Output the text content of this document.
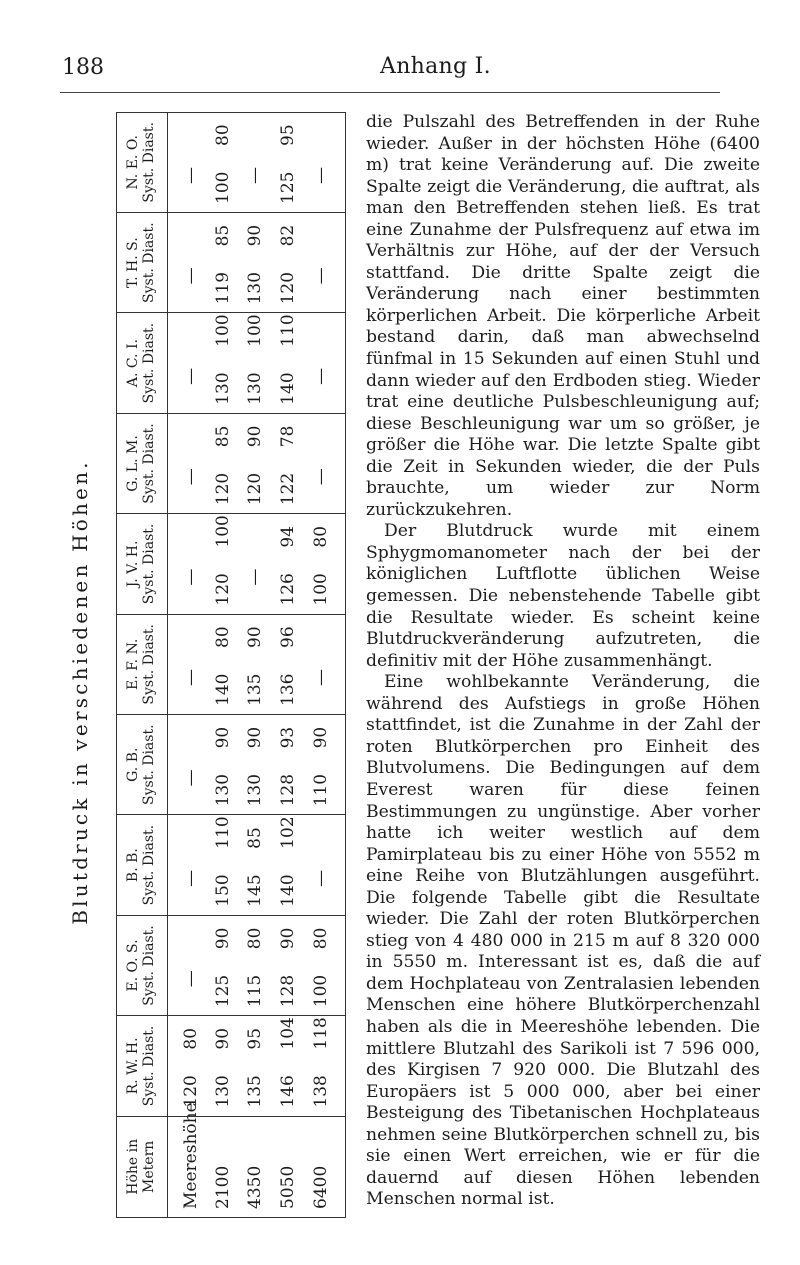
188	Anhang I.
Blutdruck in verschiedenen Höhen.
Höhe in Metern	Meereshöhe 2100 4350 5050 6400
R. W. H. Syst. Diast. 12080
13090
13595
146104
138118
E. O. S. Syst. Diast. — 12590
11580
12890
10080
B. B. Syst. Diast. — 150110
14585
140102
—
G. B. Syst. Diast. — 13090
13090
12893
11090
E. F. N. Syst. Diast. — 14080
13590
13696
—
J. V. H. Syst. Diast. — 120100
— 12694
10080
G. L. M. Syst. Diast. — 12085
12090
12278
—
A. C. I. Syst. Diast. — 130100
130100
140110
—
T. H. S. Syst. Diast. — 11985
13090
12082
—
N. E. O. Syst. Diast. — 10080
— 12595
—

die Pulszahl des Betreffenden in der Ruhe wieder. Außer in der höchsten Höhe (6400 m) trat keine Veränderung auf. Die zweite Spalte zeigt die Veränderung, die auftrat, als man den Betreffenden stehen ließ. Es trat eine Zunahme der Pulsfrequenz auf etwa im Verhältnis zur Höhe, auf der der Versuch stattfand. Die dritte Spalte zeigt die Veränderung nach einer bestimmten körperlichen Arbeit. Die körperliche Arbeit bestand darin, daß man abwechselnd fünfmal in 15 Sekunden auf einen Stuhl und dann wieder auf den Erdboden stieg. Wieder trat eine deutliche Pulsbeschleunigung auf; diese Beschleunigung war um so größer, je größer die Höhe war. Die letzte Spalte gibt die Zeit in Sekunden wieder, die der Puls brauchte, um wieder zur Norm zurückzukehren.

Der Blutdruck wurde mit einem Sphygmomanometer nach der bei der königlichen Luftflotte üblichen Weise gemessen. Die nebenstehende Tabelle gibt die Resultate wieder. Es scheint keine Blutdruckveränderung aufzutreten, die definitiv mit der Höhe zusammenhängt.

Eine wohlbekannte Veränderung, die während des Aufstiegs in große Höhen stattfindet, ist die Zunahme in der Zahl der roten Blutkörperchen pro Einheit des Blutvolumens. Die Bedingungen auf dem Everest waren für diese feinen Bestimmungen zu ungünstige. Aber vorher hatte ich weiter westlich auf dem Pamirplateau bis zu einer Höhe von 5552 m eine Reihe von Blutzählungen ausgeführt. Die folgende Tabelle gibt die Resultate wieder. Die Zahl der roten Blutkörperchen stieg von 4 480 000 in 215 m auf 8 320 000 in 5550 m. Interessant ist es, daß die auf dem Hochplateau von Zentralasien lebenden Menschen eine höhere Blutkörperchenzahl haben als die in Meereshöhe lebenden. Die mittlere Blutzahl des Sarikoli ist 7 596 000, des Kirgisen 7 920 000. Die Blutzahl des Europäers ist 5 000 000, aber bei einer Besteigung des Tibetanischen Hochplateaus nehmen seine Blutkörperchen schnell zu, bis sie einen Wert erreichen, wie er für die dauernd auf diesen Höhen lebenden Menschen normal ist.
